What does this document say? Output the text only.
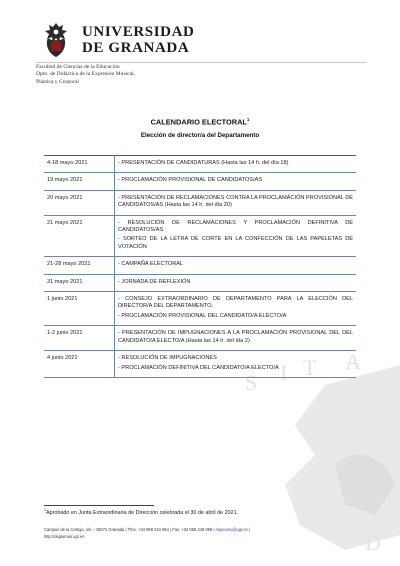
UNIVERSIDAD
DE GRANADA
Facultad de Ciencias de la Educación
Dpto. de Didáctica de la Expresión Musical,
Plástica y Corporal
S I T A
D
CALENDARIO ELECTORAL$^1$
Elección de director/a del Departamento
4-18 mayo 2021	- PRESENTACIÓN DE CANDIDATURAS (Hasta las 14 h. del día 18)

19 mayo 2021	- PROCLAMACIÓN PROVISIONAL DE CANDIDATOS/AS

20 mayo 2021	- PRESENTACIÓN DE RECLAMACIONES CONTRA LA PROCLAMACIÓN PROVISIONAL DE CANDIDATOS/AS (Hasta las 14 h. del día 20)

21 mayo 2021	- RESOLUCIÓN DE RECLAMACIONES Y PROCLAMACIÓN DEFINITIVA DE CANDIDATOS/AS

- SORTEO DE LA LETRA DE CORTE EN LA CONFECCIÓN DE LAS PAPELETAS DE VOTACIÓN

21-28 mayo 2021	- CAMPAÑA ELECTORAL

31 mayo 2021	- JORNADA DE REFLEXIÓN

1 junio 2021	- CONSEJO EXTRAORDINARIO DE DEPARTAMENTO PARA LA ELECCIÓN DEL DIRECTOR/A DEL DEPARTAMENTO.

- PROCLAMACIÓN PROVISIONAL DEL CANDIDATO/A ELECTO/A

1-2 junio 2021	- PRESENTACIÓN DE IMPUGNACIONES A LA PROCLAMACIÓN PROVISIONAL DEL DEL CANDIDATO/A ELECTO/A (Hasta las 14 h. del día 2)

4 junio 2021	- RESOLUCIÓN DE IMPUGNACIONES

- PROCLAMACIÓN DEFINITIVA DEL CANDIDATO/A ELECTO/A

$^1$Aprobado en Junta Extraordinaria de Dirección celebrada el 30 de abril de 2021.
Campus de la Cartuja, s/n – 18071 Granada | Tfno. +34 958 243 954 | Fax: +34 958 249 058 | depexmu@ugr.es |
http://deplumas.ugr.es
